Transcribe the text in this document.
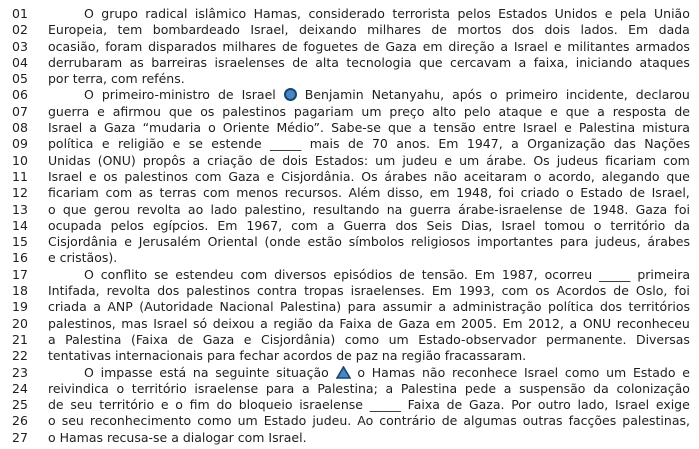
01	O grupo radical islâmico Hamas, considerado terrorista pelos Estados Unidos e pela União
02	Europeia, tem bombardeado Israel, deixando milhares de mortos dos dois lados. Em dada
03	ocasião, foram disparados milhares de foguetes de Gaza em direção a Israel e militantes armados
04	derrubaram as barreiras israelenses de alta tecnologia que cercavam a faixa, iniciando ataques
05	por terra, com reféns.
06	O primeiro-ministro de Israel Benjamin Netanyahu, após o primeiro incidente, declarou
07	guerra e afirmou que os palestinos pagariam um preço alto pelo ataque e que a resposta de
08	Israel a Gaza “mudaria o Oriente Médio”. Sabe-se que a tensão entre Israel e Palestina mistura
09	política e religião e se estende _____ mais de 70 anos. Em 1947, a Organização das Nações
10	Unidas (ONU) propôs a criação de dois Estados: um judeu e um árabe. Os judeus ficariam com
11	Israel e os palestinos com Gaza e Cisjordânia. Os árabes não aceitaram o acordo, alegando que
12	ficariam com as terras com menos recursos. Além disso, em 1948, foi criado o Estado de Israel,
13	o que gerou revolta ao lado palestino, resultando na guerra árabe-israelense de 1948. Gaza foi
14	ocupada pelos egípcios. Em 1967, com a Guerra dos Seis Dias, Israel tomou o território da
15	Cisjordânia e Jerusalém Oriental (onde estão símbolos religiosos importantes para judeus, árabes
16	e cristãos).
17	O conflito se estendeu com diversos episódios de tensão. Em 1987, ocorreu _____ primeira
18	Intifada, revolta dos palestinos contra tropas israelenses. Em 1993, com os Acordos de Oslo, foi
19	criada a ANP (Autoridade Nacional Palestina) para assumir a administração política dos territórios
20	palestinos, mas Israel só deixou a região da Faixa de Gaza em 2005. Em 2012, a ONU reconheceu
21	a Palestina (Faixa de Gaza e Cisjordânia) como um Estado-observador permanente. Diversas
22	tentativas internacionais para fechar acordos de paz na região fracassaram.
23	O impasse está na seguinte situação o Hamas não reconhece Israel como um Estado e
24	reivindica o território israelense para a Palestina; a Palestina pede a suspensão da colonização
25	de seu território e o fim do bloqueio israelense _____ Faixa de Gaza. Por outro lado, Israel exige
26	o seu reconhecimento como um Estado judeu. Ao contrário de algumas outras facções palestinas,
27	o Hamas recusa-se a dialogar com Israel.
